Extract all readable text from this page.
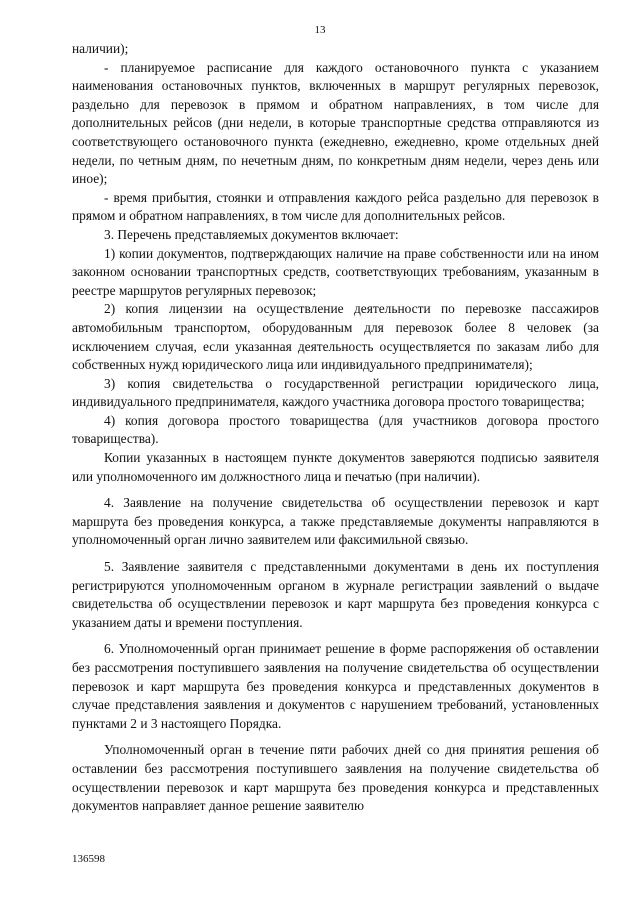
13

наличии);

- планируемое расписание для каждого остановочного пункта с указанием наименования остановочных пунктов, включенных в маршрут регулярных перевозок, раздельно для перевозок в прямом и обратном направлениях, в том числе для дополнительных рейсов (дни недели, в которые транспортные средства отправляются из соответствующего остановочного пункта (ежедневно, ежедневно, кроме отдельных дней недели, по четным дням, по нечетным дням, по конкретным дням недели, через день или иное);

- время прибытия, стоянки и отправления каждого рейса раздельно для перевозок в прямом и обратном направлениях, в том числе для дополнительных рейсов.

3. Перечень представляемых документов включает:

1) копии документов, подтверждающих наличие на праве собственности или на ином законном основании транспортных средств, соответствующих требованиям, указанным в реестре маршрутов регулярных перевозок;

2) копия лицензии на осуществление деятельности по перевозке пассажиров автомобильным транспортом, оборудованным для перевозок более 8 человек (за исключением случая, если указанная деятельность осуществляется по заказам либо для собственных нужд юридического лица или индивидуального предпринимателя);

3) копия свидетельства о государственной регистрации юридического лица, индивидуального предпринимателя, каждого участника договора простого товарищества;

4) копия договора простого товарищества (для участников договора простого товарищества).

Копии указанных в настоящем пункте документов заверяются подписью заявителя или уполномоченного им должностного лица и печатью (при наличии).

4. Заявление на получение свидетельства об осуществлении перевозок и карт маршрута без проведения конкурса, а также представляемые документы направляются в уполномоченный орган лично заявителем или факсимильной связью.

5. Заявление заявителя с представленными документами в день их поступления регистрируются уполномоченным органом в журнале регистрации заявлений о выдаче свидетельства об осуществлении перевозок и карт маршрута без проведения конкурса с указанием даты и времени поступления.

6. Уполномоченный орган принимает решение в форме распоряжения об оставлении без рассмотрения поступившего заявления на получение свидетельства об осуществлении перевозок и карт маршрута без проведения конкурса и представленных документов в случае представления заявления и документов с нарушением требований, установленных пунктами 2 и 3 настоящего Порядка.

Уполномоченный орган в течение пяти рабочих дней со дня принятия решения об оставлении без рассмотрения поступившего заявления на получение свидетельства об осуществлении перевозок и карт маршрута без проведения конкурса и представленных документов направляет данное решение заявителю

136598
